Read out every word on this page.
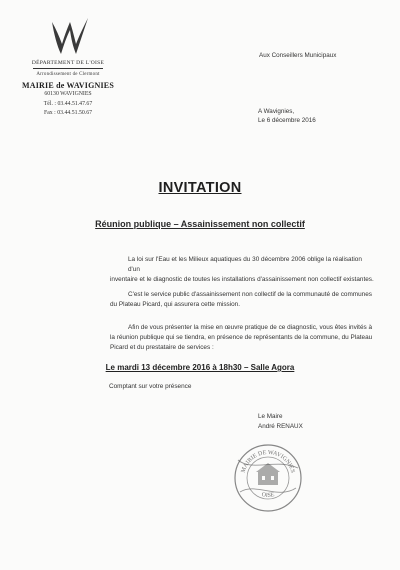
DÉPARTEMENT DE L'OISE
Arrondissement de Clermont
MAIRIE de WAVIGNIES
60130 WAVIGNIES
Tél. : 03.44.51.47.67
Fax : 03.44.51.50.67
Aux Conseillers Municipaux
A Wavignies,
Le 6 décembre 2016
INVITATION
Réunion publique – Assainissement non collectif
La loi sur l'Eau et les Milieux aquatiques du 30 décembre 2006 oblige la réalisation d'un
inventaire et le diagnostic de toutes les installations d'assainissement non collectif existantes.
C'est le service public d'assainissement non collectif de la communauté de communes
du Plateau Picard, qui assurera cette mission.
Afin de vous présenter la mise en œuvre pratique de ce diagnostic, vous êtes invités à
la réunion publique qui se tiendra, en présence de représentants de la commune, du Plateau
Picard et du prestataire de services :
Le mardi 13 décembre 2016 à 18h30 – Salle Agora
Comptant sur votre présence
Le Maire
André RENAUX
MAIRIE DE WAVIGNIES
OISE
